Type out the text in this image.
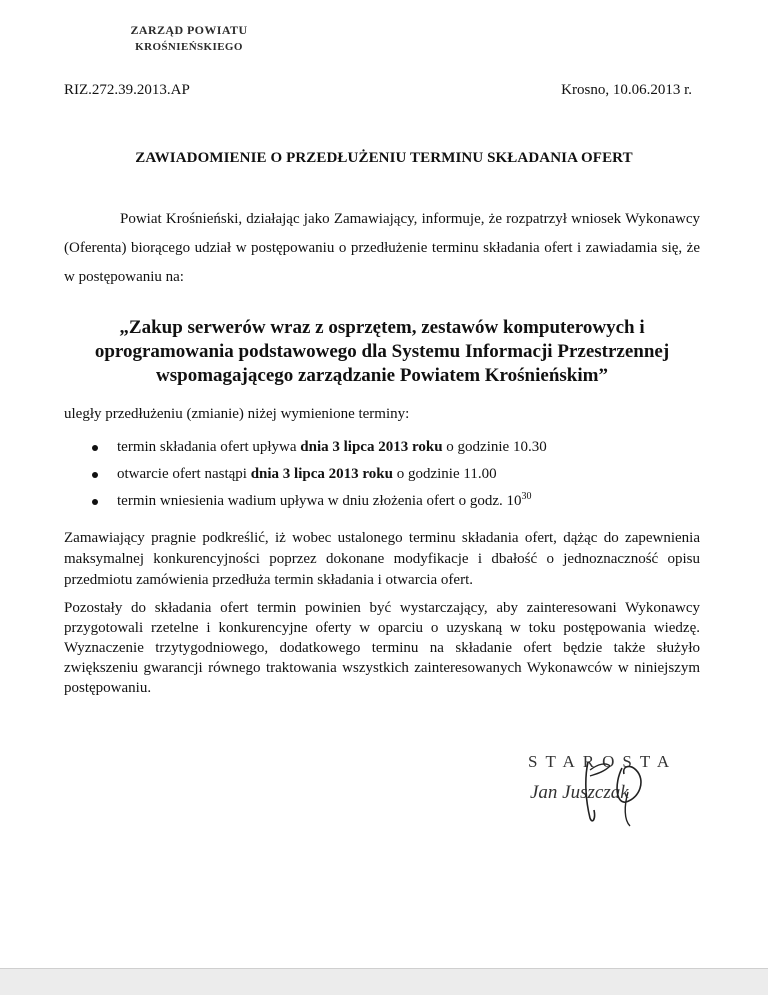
ZARZĄD POWIATU
KROŚNIEŃSKIEGO
RIZ.272.39.2013.AP	Krosno, 10.06.2013 r.
ZAWIADOMIENIE O PRZEDŁUŻENIU TERMINU SKŁADANIA OFERT
Powiat Krośnieński, działając jako Zamawiający, informuje, że rozpatrzył wniosek Wykonawcy (Oferenta) biorącego udział w postępowaniu o przedłużenie terminu składania ofert i zawiadamia się, że w postępowaniu na:
„Zakup serwerów wraz z osprzętem, zestawów komputerowych i oprogramowania podstawowego dla Systemu Informacji Przestrzennej wspomagającego zarządzanie Powiatem Krośnieńskim”
uległy przedłużeniu (zmianie) niżej wymienione terminy:
termin składania ofert upływa dnia 3 lipca 2013 roku o godzinie 10.30
otwarcie ofert nastąpi dnia 3 lipca 2013 roku o godzinie 11.00
termin wniesienia wadium upływa w dniu złożenia ofert o godz. $10^{30}$
Zamawiający pragnie podkreślić, iż wobec ustalonego terminu składania ofert, dążąc do zapewnienia maksymalnej konkurencyjności poprzez dokonane modyfikacje i dbałość o jednoznaczność opisu przedmiotu zamówienia przedłuża termin składania i otwarcia ofert.
Pozostały do składania ofert termin powinien być wystarczający, aby zainteresowani Wykonawcy przygotowali rzetelne i konkurencyjne oferty w oparciu o uzyskaną w toku postępowania wiedzę. Wyznaczenie trzytygodniowego, dodatkowego terminu na składanie ofert będzie także służyło zwiększeniu gwarancji równego traktowania wszystkich zainteresowanych Wykonawców w niniejszym postępowaniu.
STAROSTA
Jan Juszczak
